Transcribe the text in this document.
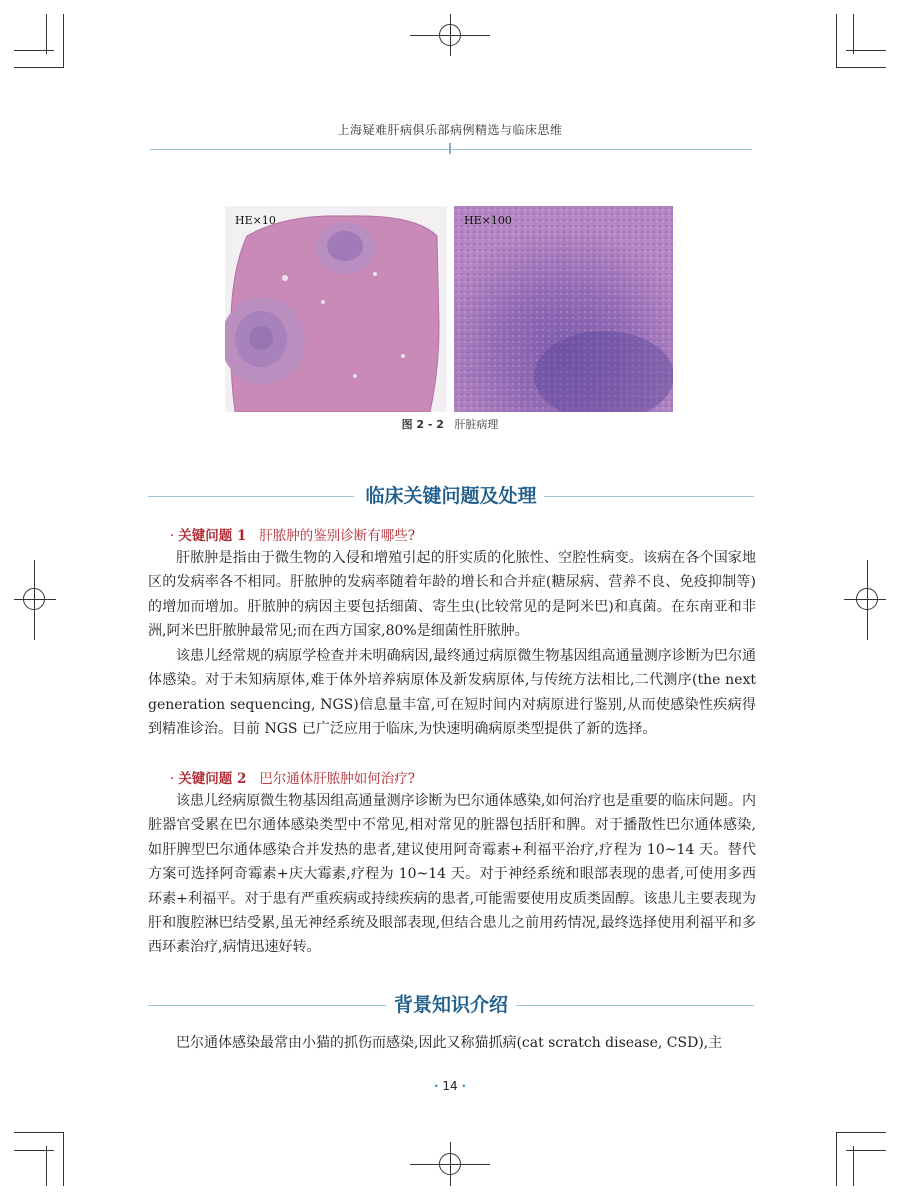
上海疑难肝病俱乐部病例精选与临床思维
HE×10	HE×100
图 2 - 2 肝脏病理
临床关键问题及处理
· 关键问题 1 肝脓肿的鉴别诊断有哪些?
肝脓肿是指由于微生物的入侵和增殖引起的肝实质的化脓性、空腔性病变。该病在各个国家地区的发病率各不相同。肝脓肿的发病率随着年龄的增长和合并症(糖尿病、营养不良、免疫抑制等)的增加而增加。肝脓肿的病因主要包括细菌、寄生虫(比较常见的是阿米巴)和真菌。在东南亚和非洲,阿米巴肝脓肿最常见;而在西方国家,80%是细菌性肝脓肿。
该患儿经常规的病原学检查并未明确病因,最终通过病原微生物基因组高通量测序诊断为巴尔通体感染。对于未知病原体,难于体外培养病原体及新发病原体,与传统方法相比,二代测序(the next generation sequencing, NGS)信息量丰富,可在短时间内对病原进行鉴别,从而使感染性疾病得到精准诊治。目前 NGS 已广泛应用于临床,为快速明确病原类型提供了新的选择。
· 关键问题 2 巴尔通体肝脓肿如何治疗?
该患儿经病原微生物基因组高通量测序诊断为巴尔通体感染,如何治疗也是重要的临床问题。内脏器官受累在巴尔通体感染类型中不常见,相对常见的脏器包括肝和脾。对于播散性巴尔通体感染,如肝脾型巴尔通体感染合并发热的患者,建议使用阿奇霉素+利福平治疗,疗程为 10~14 天。替代方案可选择阿奇霉素+庆大霉素,疗程为 10~14 天。对于神经系统和眼部表现的患者,可使用多西环素+利福平。对于患有严重疾病或持续疾病的患者,可能需要使用皮质类固醇。该患儿主要表现为肝和腹腔淋巴结受累,虽无神经系统及眼部表现,但结合患儿之前用药情况,最终选择使用利福平和多西环素治疗,病情迅速好转。
背景知识介绍
巴尔通体感染最常由小猫的抓伤而感染,因此又称猫抓病(cat scratch disease, CSD),主
· 14 ·
